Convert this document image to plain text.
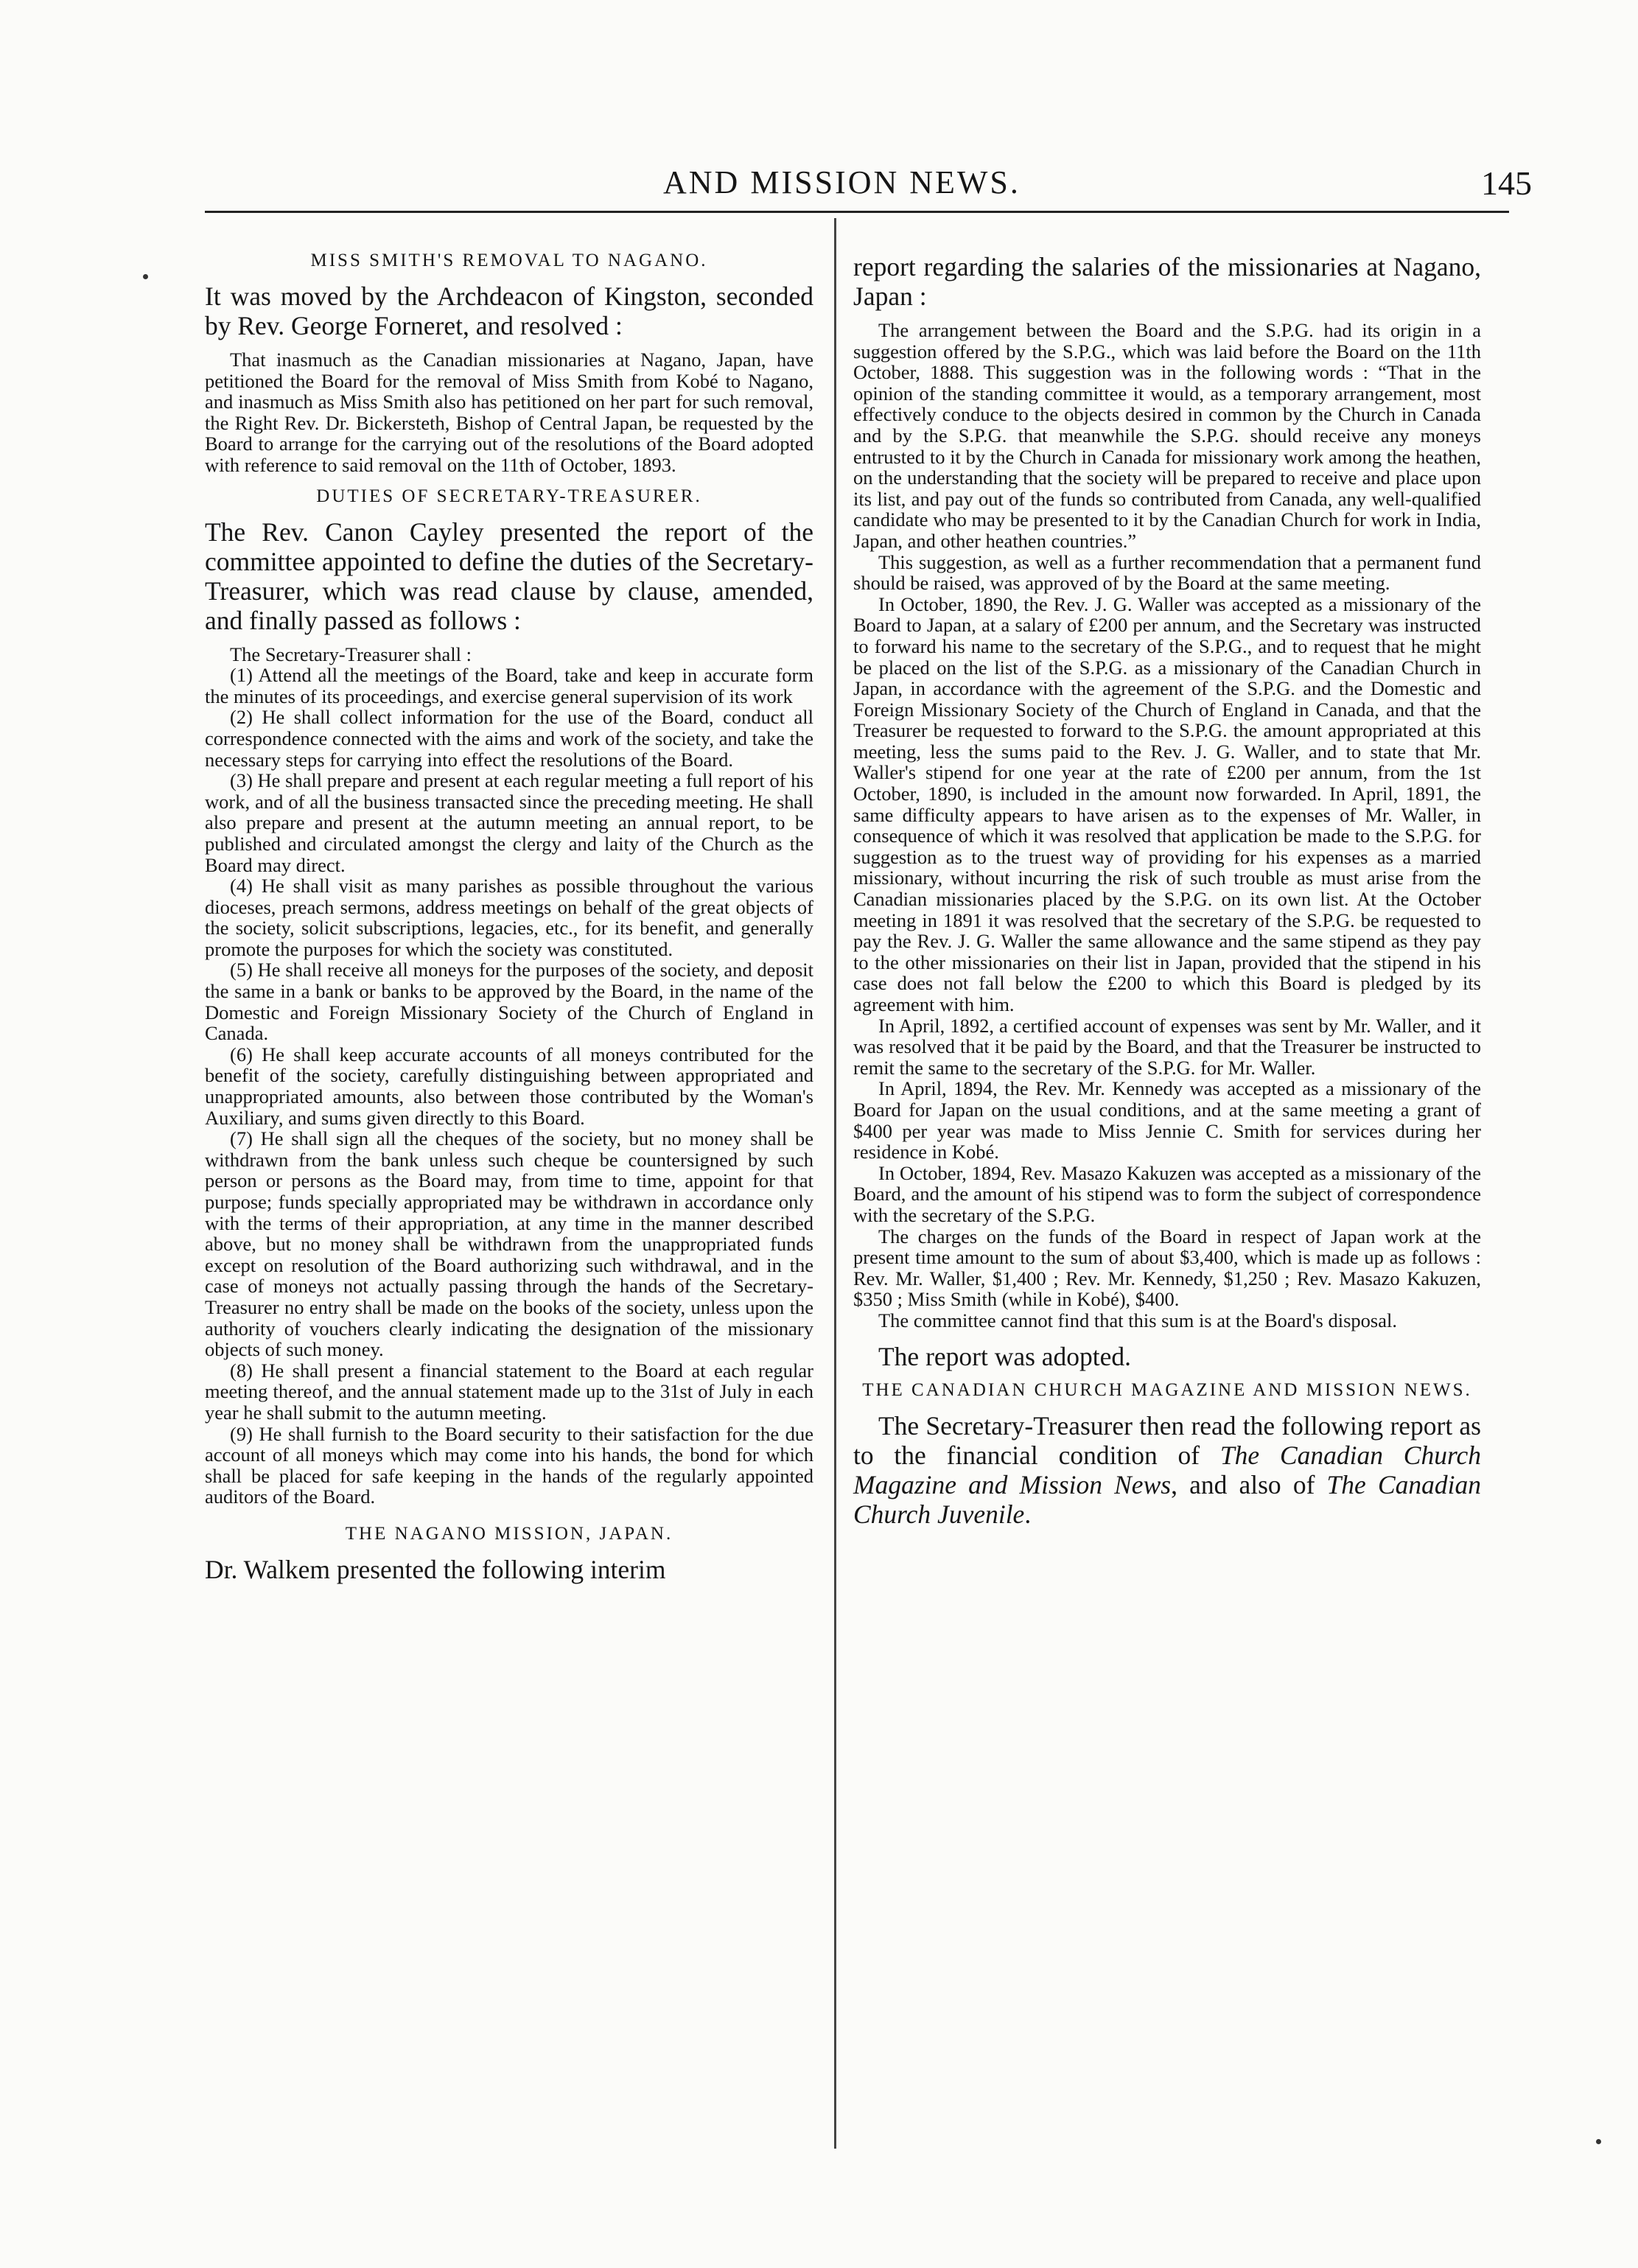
AND MISSION NEWS.	145
MISS SMITH'S REMOVAL TO NAGANO.

It was moved by the Archdeacon of Kingston, seconded by Rev. George Forneret, and resolved :

That inasmuch as the Canadian missionaries at Nagano, Japan, have petitioned the Board for the removal of Miss Smith from Kobé to Nagano, and inasmuch as Miss Smith also has petitioned on her part for such removal, the Right Rev. Dr. Bickersteth, Bishop of Central Japan, be requested by the Board to arrange for the carrying out of the resolutions of the Board adopted with reference to said removal on the 11th of October, 1893.

DUTIES OF SECRETARY-TREASURER.

The Rev. Canon Cayley presented the report of the committee appointed to define the duties of the Secretary-Treasurer, which was read clause by clause, amended, and finally passed as follows :

The Secretary-Treasurer shall :

(1) Attend all the meetings of the Board, take and keep in accurate form the minutes of its proceedings, and exercise general supervision of its work

(2) He shall collect information for the use of the Board, conduct all correspondence connected with the aims and work of the society, and take the necessary steps for carrying into effect the resolutions of the Board.

(3) He shall prepare and present at each regular meeting a full report of his work, and of all the business transacted since the preceding meeting. He shall also prepare and present at the autumn meeting an annual report, to be published and circulated amongst the clergy and laity of the Church as the Board may direct.

(4) He shall visit as many parishes as possible throughout the various dioceses, preach sermons, address meetings on behalf of the great objects of the society, solicit subscriptions, legacies, etc., for its benefit, and generally promote the purposes for which the society was constituted.

(5) He shall receive all moneys for the purposes of the society, and deposit the same in a bank or banks to be approved by the Board, in the name of the Domestic and Foreign Missionary Society of the Church of England in Canada.

(6) He shall keep accurate accounts of all moneys contributed for the benefit of the society, carefully distinguishing between appropriated and unappropriated amounts, also between those contributed by the Woman's Auxiliary, and sums given directly to this Board.

(7) He shall sign all the cheques of the society, but no money shall be withdrawn from the bank unless such cheque be countersigned by such person or persons as the Board may, from time to time, appoint for that purpose; funds specially appropriated may be withdrawn in accordance only with the terms of their appropriation, at any time in the manner described above, but no money shall be withdrawn from the unappropriated funds except on resolution of the Board authorizing such withdrawal, and in the case of moneys not actually passing through the hands of the Secretary-Treasurer no entry shall be made on the books of the society, unless upon the authority of vouchers clearly indicating the designation of the missionary objects of such money.

(8) He shall present a financial statement to the Board at each regular meeting thereof, and the annual statement made up to the 31st of July in each year he shall submit to the autumn meeting.

(9) He shall furnish to the Board security to their satisfaction for the due account of all moneys which may come into his hands, the bond for which shall be placed for safe keeping in the hands of the regularly appointed auditors of the Board.

THE NAGANO MISSION, JAPAN.

Dr. Walkem presented the following interim

report regarding the salaries of the missionaries at Nagano, Japan :

The arrangement between the Board and the S.P.G. had its origin in a suggestion offered by the S.P.G., which was laid before the Board on the 11th October, 1888. This suggestion was in the following words : “That in the opinion of the standing committee it would, as a temporary arrangement, most effectively conduce to the objects desired in common by the Church in Canada and by the S.P.G. that meanwhile the S.P.G. should receive any moneys entrusted to it by the Church in Canada for missionary work among the heathen, on the understanding that the society will be prepared to receive and place upon its list, and pay out of the funds so contributed from Canada, any well-qualified candidate who may be presented to it by the Canadian Church for work in India, Japan, and other heathen countries.”

This suggestion, as well as a further recommendation that a permanent fund should be raised, was approved of by the Board at the same meeting.

In October, 1890, the Rev. J. G. Waller was accepted as a missionary of the Board to Japan, at a salary of £200 per annum, and the Secretary was instructed to forward his name to the secretary of the S.P.G., and to request that he might be placed on the list of the S.P.G. as a missionary of the Canadian Church in Japan, in accordance with the agreement of the S.P.G. and the Domestic and Foreign Missionary Society of the Church of England in Canada, and that the Treasurer be requested to forward to the S.P.G. the amount appropriated at this meeting, less the sums paid to the Rev. J. G. Waller, and to state that Mr. Waller's stipend for one year at the rate of £200 per annum, from the 1st October, 1890, is included in the amount now forwarded. In April, 1891, the same difficulty appears to have arisen as to the expenses of Mr. Waller, in consequence of which it was resolved that application be made to the S.P.G. for suggestion as to the truest way of providing for his expenses as a married missionary, without incurring the risk of such trouble as must arise from the Canadian missionaries placed by the S.P.G. on its own list. At the October meeting in 1891 it was resolved that the secretary of the S.P.G. be requested to pay the Rev. J. G. Waller the same allowance and the same stipend as they pay to the other missionaries on their list in Japan, provided that the stipend in his case does not fall below the £200 to which this Board is pledged by its agreement with him.

In April, 1892, a certified account of expenses was sent by Mr. Waller, and it was resolved that it be paid by the Board, and that the Treasurer be instructed to remit the same to the secretary of the S.P.G. for Mr. Waller.

In April, 1894, the Rev. Mr. Kennedy was accepted as a missionary of the Board for Japan on the usual conditions, and at the same meeting a grant of $400 per year was made to Miss Jennie C. Smith for services during her residence in Kobé.

In October, 1894, Rev. Masazo Kakuzen was accepted as a missionary of the Board, and the amount of his stipend was to form the subject of correspondence with the secretary of the S.P.G.

The charges on the funds of the Board in respect of Japan work at the present time amount to the sum of about $3,400, which is made up as follows : Rev. Mr. Waller, $1,400 ; Rev. Mr. Kennedy, $1,250 ; Rev. Masazo Kakuzen, $350 ; Miss Smith (while in Kobé), $400.

The committee cannot find that this sum is at the Board's disposal.

The report was adopted.

THE CANADIAN CHURCH MAGAZINE AND MISSION NEWS.

The Secretary-Treasurer then read the following report as to the financial condition of The Canadian Church Magazine and Mission News, and also of The Canadian Church Juvenile.
